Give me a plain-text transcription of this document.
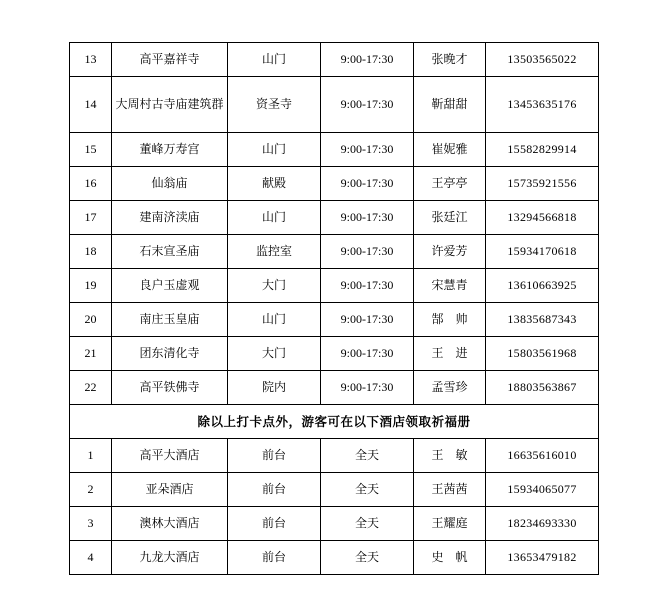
13	高平嘉祥寺	山门	9:00-17:30	张晚才	13503565022
14	大周村古寺庙建筑群	资圣寺	9:00-17:30	靳甜甜	13453635176
15	董峰万寿宫	山门	9:00-17:30	崔妮雅	15582829914
16	仙翁庙	献殿	9:00-17:30	王亭亭	15735921556
17	建南济渎庙	山门	9:00-17:30	张廷江	13294566818
18	石末宣圣庙	监控室	9:00-17:30	许爱芳	15934170618
19	良户玉虚观	大门	9:00-17:30	宋慧青	13610663925
20	南庄玉皇庙	山门	9:00-17:30	郜　帅	13835687343
21	团东清化寺	大门	9:00-17:30	王　进	15803561968
22	高平铁佛寺	院内	9:00-17:30	孟雪珍	18803563867
除以上打卡点外，游客可在以下酒店领取祈福册					
1	高平大酒店	前台	全天	王　敏	16635616010
2	亚朵酒店	前台	全天	王茜茜	15934065077
3	澳林大酒店	前台	全天	王耀庭	18234693330
4	九龙大酒店	前台	全天	史　帆	13653479182
